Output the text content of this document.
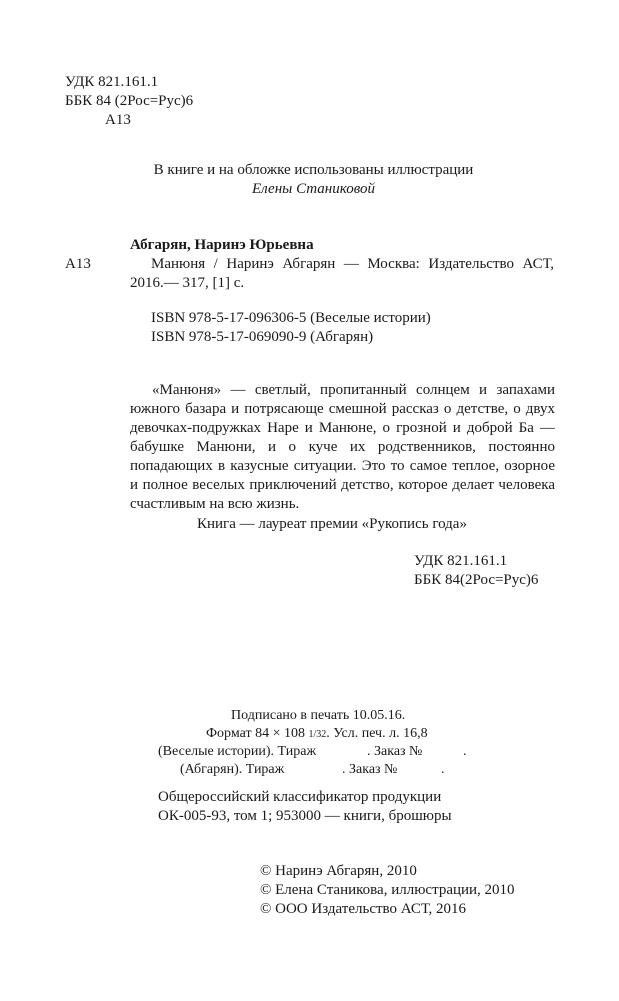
УДК 821.161.1
ББК 84 (2Рос=Рус)6
А13
В книге и на обложке использованы иллюстрации
Елены Станиковой
Абгарян, Наринэ Юрьевна
А13	Манюня / Наринэ Абгарян — Москва: Издательство АСТ,
2016.— 317, [1] с.
ISBN 978-5-17-096306-5 (Веселые истории)
ISBN 978-5-17-069090-9 (Абгарян)

«Манюня» — светлый, пропитанный солнцем и запахами южного базара и потрясающе смешной рассказ о детстве, о двух девочках-подружках Наре и Манюне, о грозной и доброй Ба — бабушке Манюни, и о куче их родственников, постоянно попадающих в казусные ситуации. Это то самое теплое, озорное и полное веселых приключений детство, которое делает человека счастливым на всю жизнь.

Книга — лауреат премии «Рукопись года»
УДК 821.161.1
ББК 84(2Рос=Рус)6
Подписано в печать 10.05.16.
Формат 84 × 108 1/32. Усл. печ. л. 16,8
(Веселые истории). Тираж	. Заказ №	.
(Абгарян). Тираж	. Заказ №	.
Общероссийский классификатор продукции
ОК-005-93, том 1; 953000 — книги, брошюры
© Наринэ Абгарян, 2010
© Елена Станикова, иллюстрации, 2010
© ООО Издательство АСТ, 2016
